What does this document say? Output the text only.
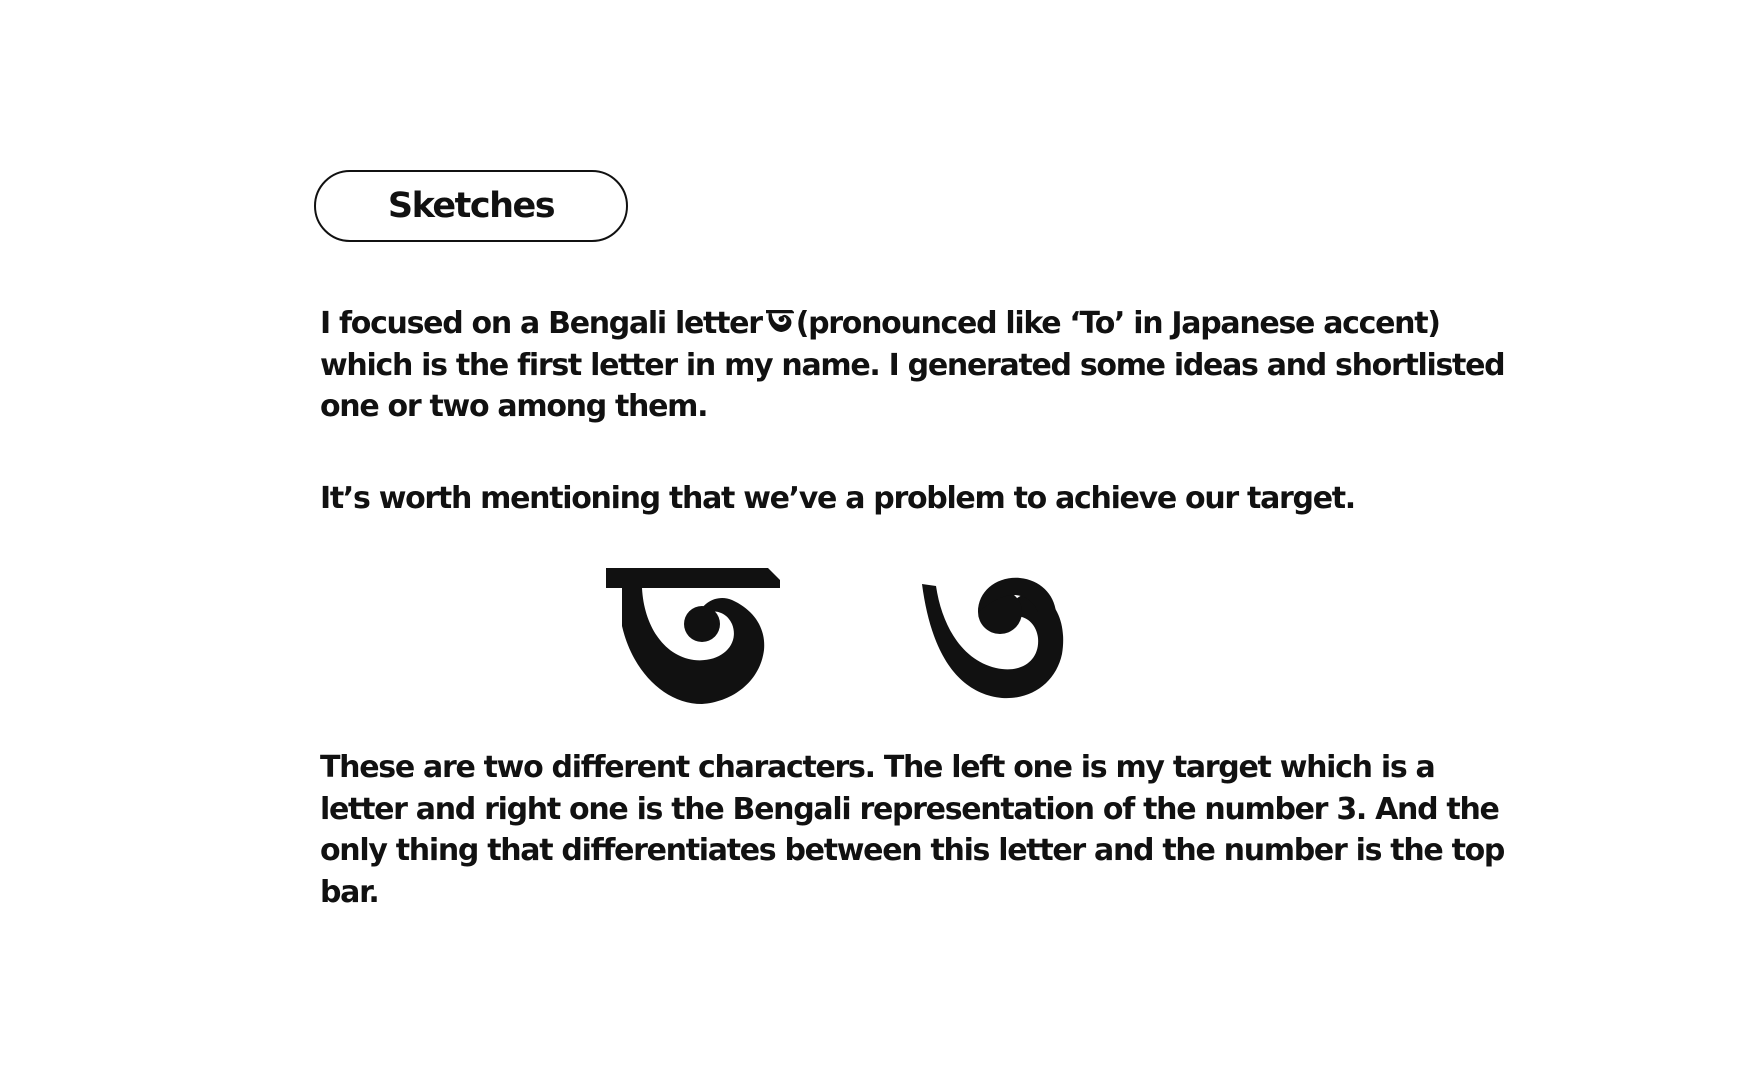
Sketches

I focused on a Bengali letter (pronounced like ‘To’ in Japanese accent)
which is the first letter in my name. I generated some ideas and shortlisted
one or two among them.

It’s worth mentioning that we’ve a problem to achieve our target.

These are two different characters. The left one is my target which is a
letter and right one is the Bengali representation of the number 3. And the
only thing that differentiates between this letter and the number is the top
bar.
